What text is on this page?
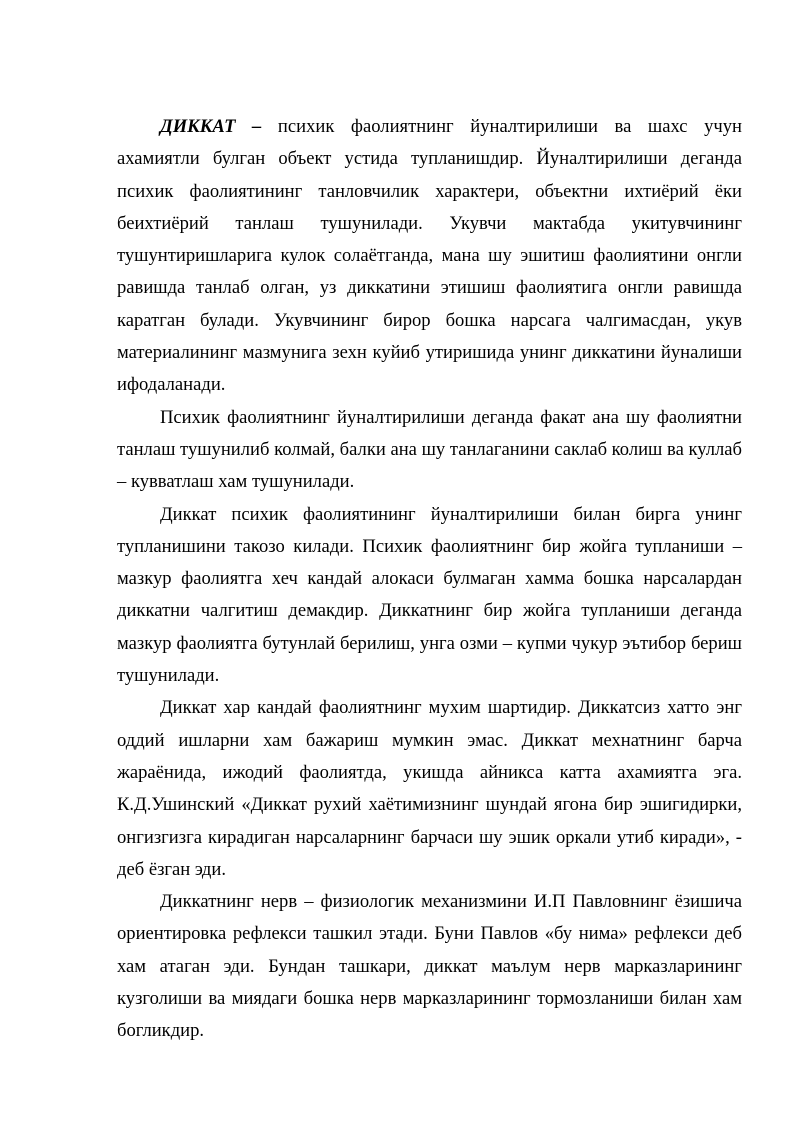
ДИККАТ – психик фаолиятнинг йуналтирилиши ва шахс учун ахамиятли булган объект устида тупланишдир. Йуналтирилиши деганда психик фаолиятининг танловчилик характери, объектни ихтиёрий ёки беихтиёрий танлаш тушунилади. Укувчи мактабда укитувчининг тушунтиришларига кулок солаётганда, мана шу эшитиш фаолиятини онгли равишда танлаб олган, уз диккатини этишиш фаолиятига онгли равишда каратган булади. Укувчининг бирор бошка нарсага чалгимасдан, укув материалининг мазмунига зехн куйиб утиришида унинг диккатини йуналиши ифодаланади.

Психик фаолиятнинг йуналтирилиши деганда факат ана шу фаолиятни танлаш тушунилиб колмай, балки ана шу танлаганини саклаб колиш ва куллаб – кувватлаш хам тушунилади.

Диккат психик фаолиятининг йуналтирилиши билан бирга унинг тупланишини такозо килади. Психик фаолиятнинг бир жойга тупланиши – мазкур фаолиятга хеч кандай алокаси булмаган хамма бошка нарсалардан диккатни чалгитиш демакдир. Диккатнинг бир жойга тупланиши деганда мазкур фаолиятга бутунлай берилиш, унга озми – купми чукур эътибор бериш тушунилади.

Диккат хар кандай фаолиятнинг мухим шартидир. Диккатсиз хатто энг оддий ишларни хам бажариш мумкин эмас. Диккат мехнатнинг барча жараёнида, ижодий фаолиятда, укишда айникса катта ахамиятга эга. К.Д.Ушинский «Диккат рухий хаётимизнинг шундай ягона бир эшигидирки, онгизгизга кирадиган нарсаларнинг барчаси шу эшик оркали утиб киради», - деб ёзган эди.

Диккатнинг нерв – физиологик механизмини И.П Павловнинг ёзишича ориентировка рефлекси ташкил этади. Буни Павлов «бу нима» рефлекси деб хам атаган эди. Бундан ташкари, диккат маълум нерв марказларининг кузголиши ва миядаги бошка нерв марказларининг тормозланиши билан хам богликдир.
